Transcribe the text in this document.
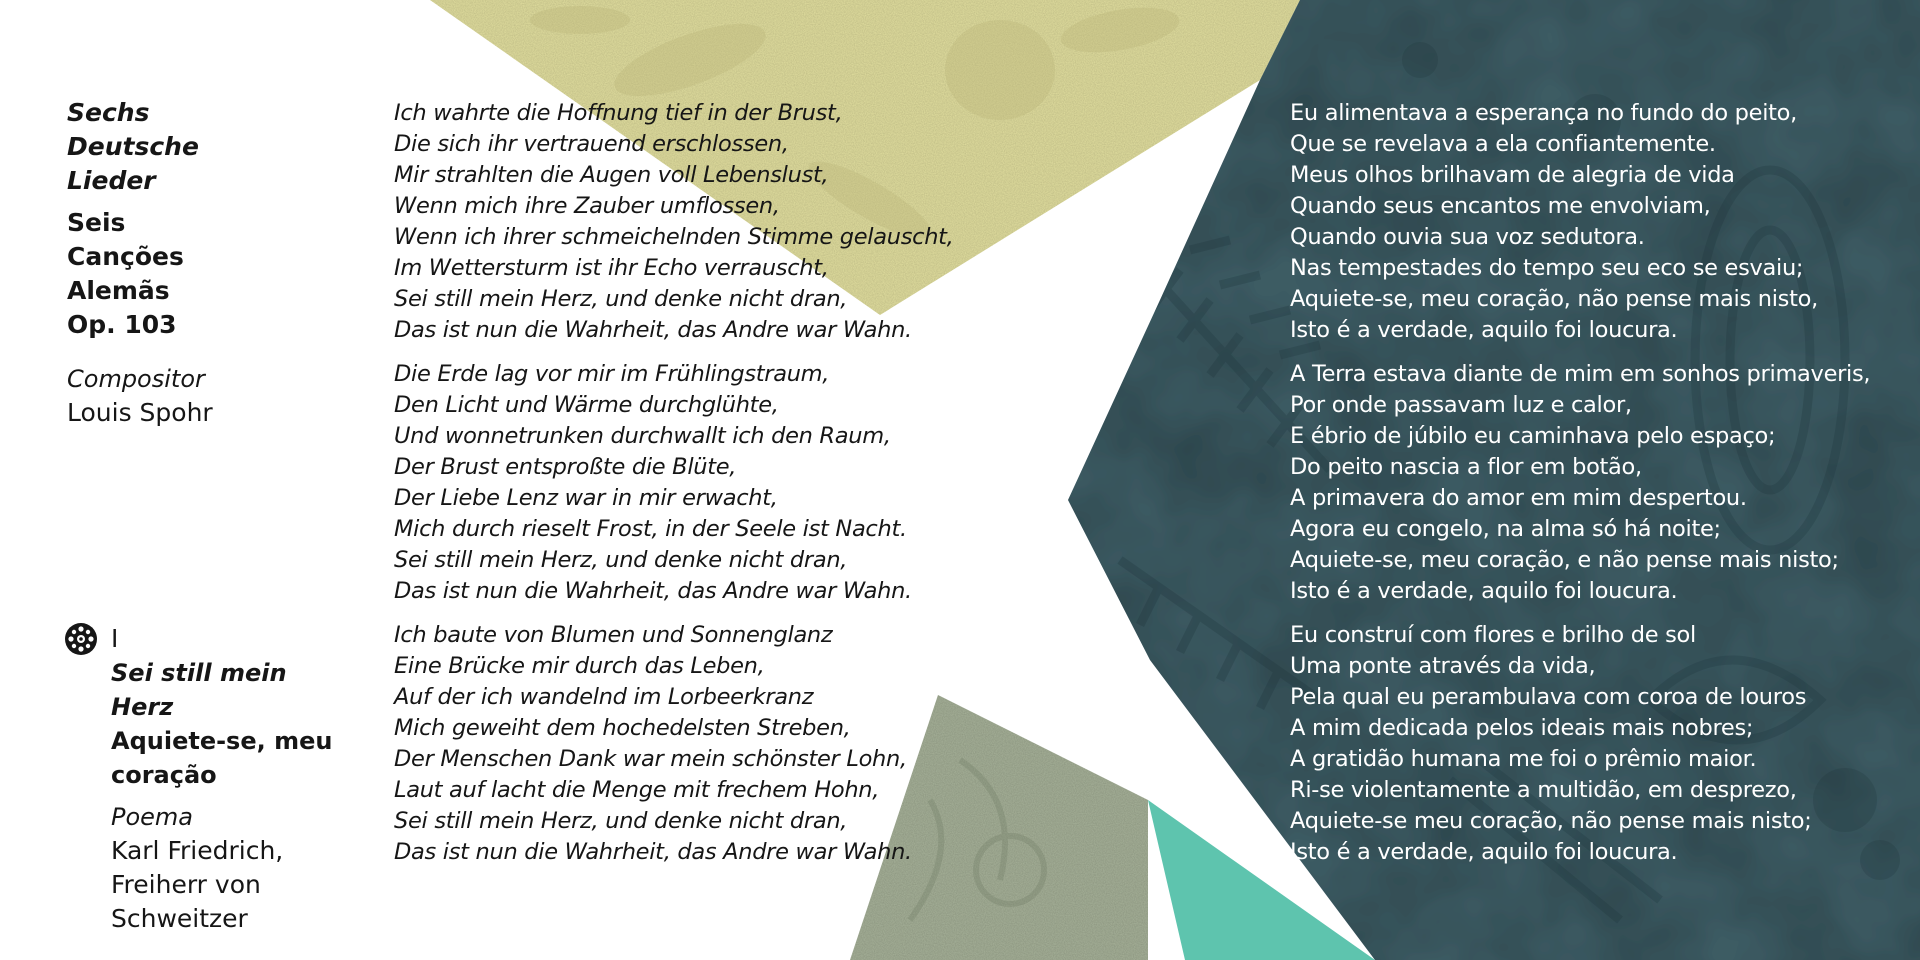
Sechs
Deutsche
Lieder
Seis
Canções
Alemãs
Op. 103
Compositor
Louis Spohr
I
Sei still mein Herz
Aquiete-se, meu
coração
Poema
Karl Friedrich,
Freiherr von
Schweitzer
Ich wahrte die Hoffnung tief in der Brust,
Die sich ihr vertrauend erschlossen,
Mir strahlten die Augen voll Lebenslust,
Wenn mich ihre Zauber umflossen,
Wenn ich ihrer schmeichelnden Stimme gelauscht,
Im Wettersturm ist ihr Echo verrauscht,
Sei still mein Herz, und denke nicht dran,
Das ist nun die Wahrheit, das Andre war Wahn.
Die Erde lag vor mir im Frühlingstraum,
Den Licht und Wärme durchglühte,
Und wonnetrunken durchwallt ich den Raum,
Der Brust entsproßte die Blüte,
Der Liebe Lenz war in mir erwacht,
Mich durch rieselt Frost, in der Seele ist Nacht.
Sei still mein Herz, und denke nicht dran,
Das ist nun die Wahrheit, das Andre war Wahn.
Ich baute von Blumen und Sonnenglanz
Eine Brücke mir durch das Leben,
Auf der ich wandelnd im Lorbeerkranz
Mich geweiht dem hochedelsten Streben,
Der Menschen Dank war mein schönster Lohn,
Laut auf lacht die Menge mit frechem Hohn,
Sei still mein Herz, und denke nicht dran,
Das ist nun die Wahrheit, das Andre war Wahn.
Eu alimentava a esperança no fundo do peito,
Que se revelava a ela confiantemente.
Meus olhos brilhavam de alegria de vida
Quando seus encantos me envolviam,
Quando ouvia sua voz sedutora.
Nas tempestades do tempo seu eco se esvaiu;
Aquiete-se, meu coração, não pense mais nisto,
Isto é a verdade, aquilo foi loucura.
A Terra estava diante de mim em sonhos primaveris,
Por onde passavam luz e calor,
E ébrio de júbilo eu caminhava pelo espaço;
Do peito nascia a flor em botão,
A primavera do amor em mim despertou.
Agora eu congelo, na alma só há noite;
Aquiete-se, meu coração, e não pense mais nisto;
Isto é a verdade, aquilo foi loucura.
Eu construí com flores e brilho de sol
Uma ponte através da vida,
Pela qual eu perambulava com coroa de louros
A mim dedicada pelos ideais mais nobres;
A gratidão humana me foi o prêmio maior.
Ri-se violentamente a multidão, em desprezo,
Aquiete-se meu coração, não pense mais nisto;
Isto é a verdade, aquilo foi loucura.
